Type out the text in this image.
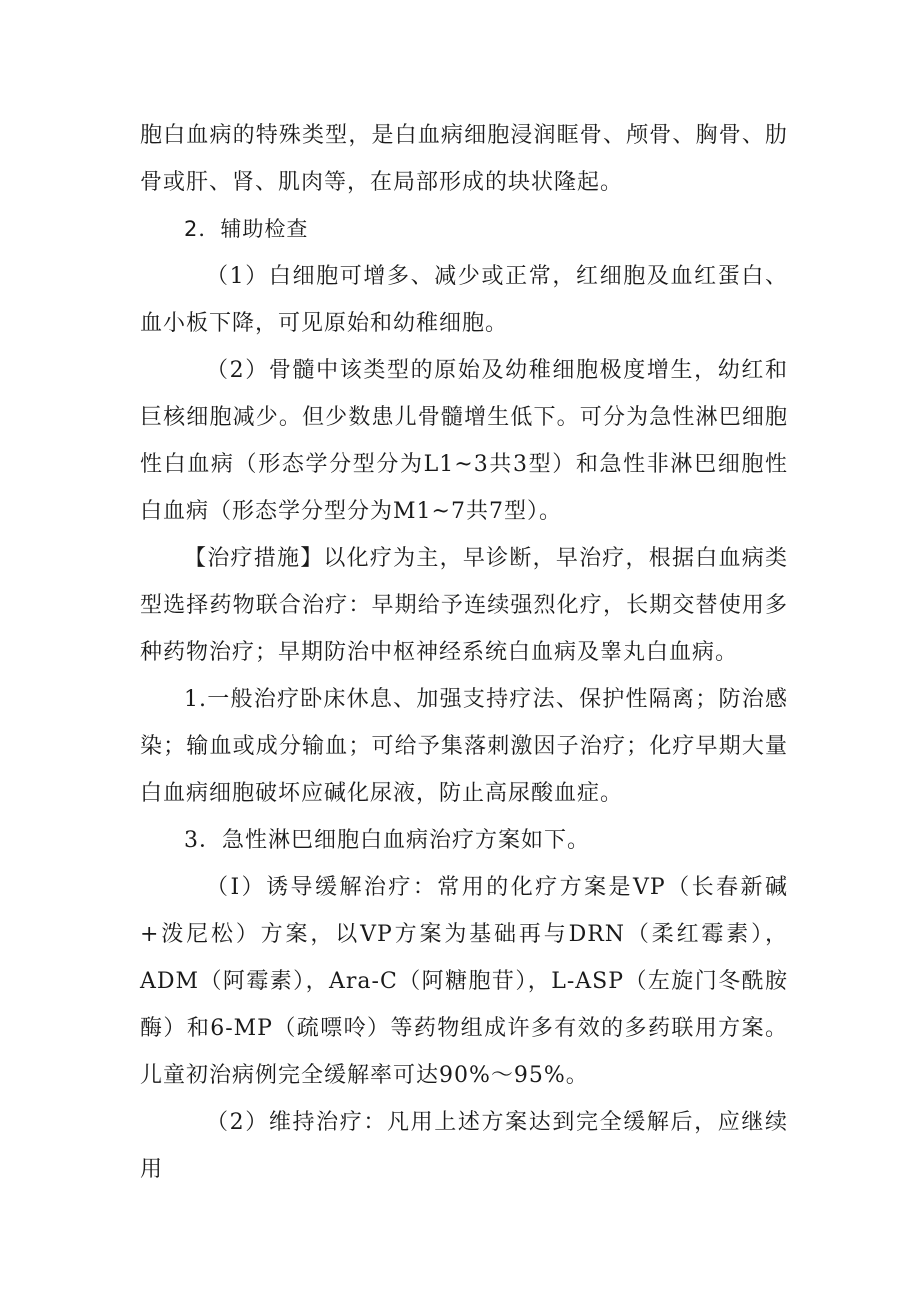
胞白血病的特殊类型，是白血病细胞浸润眶骨、颅骨、胸骨、肋骨或肝、肾、肌肉等，在局部形成的块状隆起。

2．辅助检查

（1）白细胞可增多、减少或正常，红细胞及血红蛋白、血小板下降，可见原始和幼稚细胞。

（2）骨髓中该类型的原始及幼稚细胞极度增生，幼红和巨核细胞减少。但少数患儿骨髓增生低下。可分为急性淋巴细胞性白血病（形态学分型分为L1~3共3型）和急性非淋巴细胞性白血病（形态学分型分为M1~7共7型）。

【治疗措施】以化疗为主，早诊断，早治疗，根据白血病类型选择药物联合治疗：早期给予连续强烈化疗，长期交替使用多种药物治疗；早期防治中枢神经系统白血病及睾丸白血病。

1.一般治疗卧床休息、加强支持疗法、保护性隔离；防治感染；输血或成分输血；可给予集落刺激因子治疗；化疗早期大量白血病细胞破坏应碱化尿液，防止高尿酸血症。

3．急性淋巴细胞白血病治疗方案如下。

（I）诱导缓解治疗：常用的化疗方案是VP（长春新碱+泼尼松）方案，以VP方案为基础再与DRN（柔红霉素），ADM（阿霉素），Ara-C（阿糖胞苷），L-ASP（左旋门冬酰胺酶）和6-MP（疏嘌呤）等药物组成许多有效的多药联用方案。儿童初治病例完全缓解率可达90%～95%。

（2）维持治疗：凡用上述方案达到完全缓解后，应继续用
